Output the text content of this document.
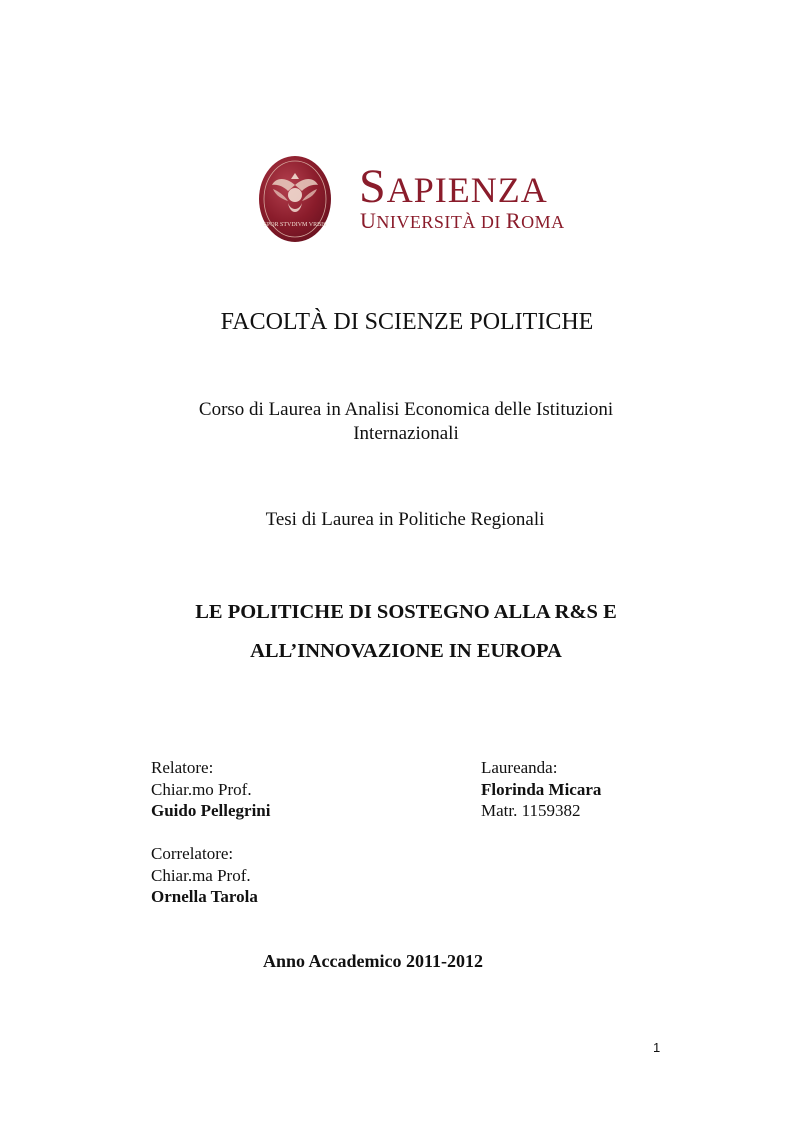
SPQR STVDIVM VRBIS
SAPIENZA
UNIVERSITÀ DI ROMA
FACOLTÀ DI SCIENZE POLITICHE
Corso di Laurea in Analisi Economica delle Istituzioni
Internazionali
Tesi di Laurea in Politiche Regionali
LE POLITICHE DI SOSTEGNO ALLA R&S E
ALL’INNOVAZIONE IN EUROPA
Relatore:
Chiar.mo Prof.
Guido Pellegrini
Laureanda:
Florinda Micara
Matr. 1159382
Correlatore:
Chiar.ma Prof.
Ornella Tarola
Anno Accademico 2011-2012
1
